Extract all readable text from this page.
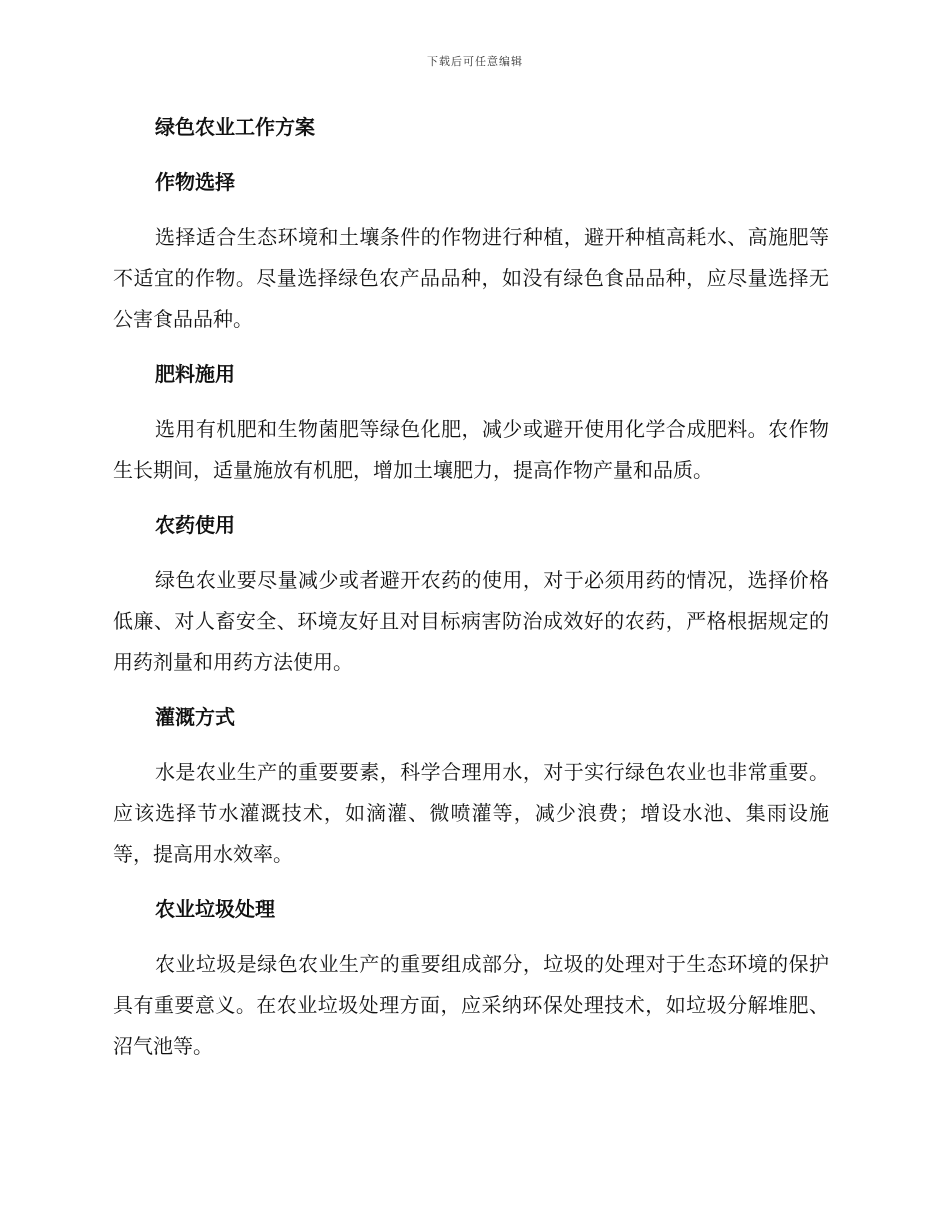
下载后可任意编辑
绿色农业工作方案
作物选择

选择适合生态环境和土壤条件的作物进行种植，避开种植高耗水、高施肥等不适宜的作物。尽量选择绿色农产品品种，如没有绿色食品品种，应尽量选择无公害食品品种。

肥料施用

选用有机肥和生物菌肥等绿色化肥，减少或避开使用化学合成肥料。农作物生长期间，适量施放有机肥，增加土壤肥力，提高作物产量和品质。

农药使用

绿色农业要尽量减少或者避开农药的使用，对于必须用药的情况，选择价格低廉、对人畜安全、环境友好且对目标病害防治成效好的农药，严格根据规定的用药剂量和用药方法使用。

灌溉方式

水是农业生产的重要要素，科学合理用水，对于实行绿色农业也非常重要。应该选择节水灌溉技术，如滴灌、微喷灌等，减少浪费；增设水池、集雨设施等，提高用水效率。

农业垃圾处理

农业垃圾是绿色农业生产的重要组成部分，垃圾的处理对于生态环境的保护具有重要意义。在农业垃圾处理方面，应采纳环保处理技术，如垃圾分解堆肥、沼气池等。
